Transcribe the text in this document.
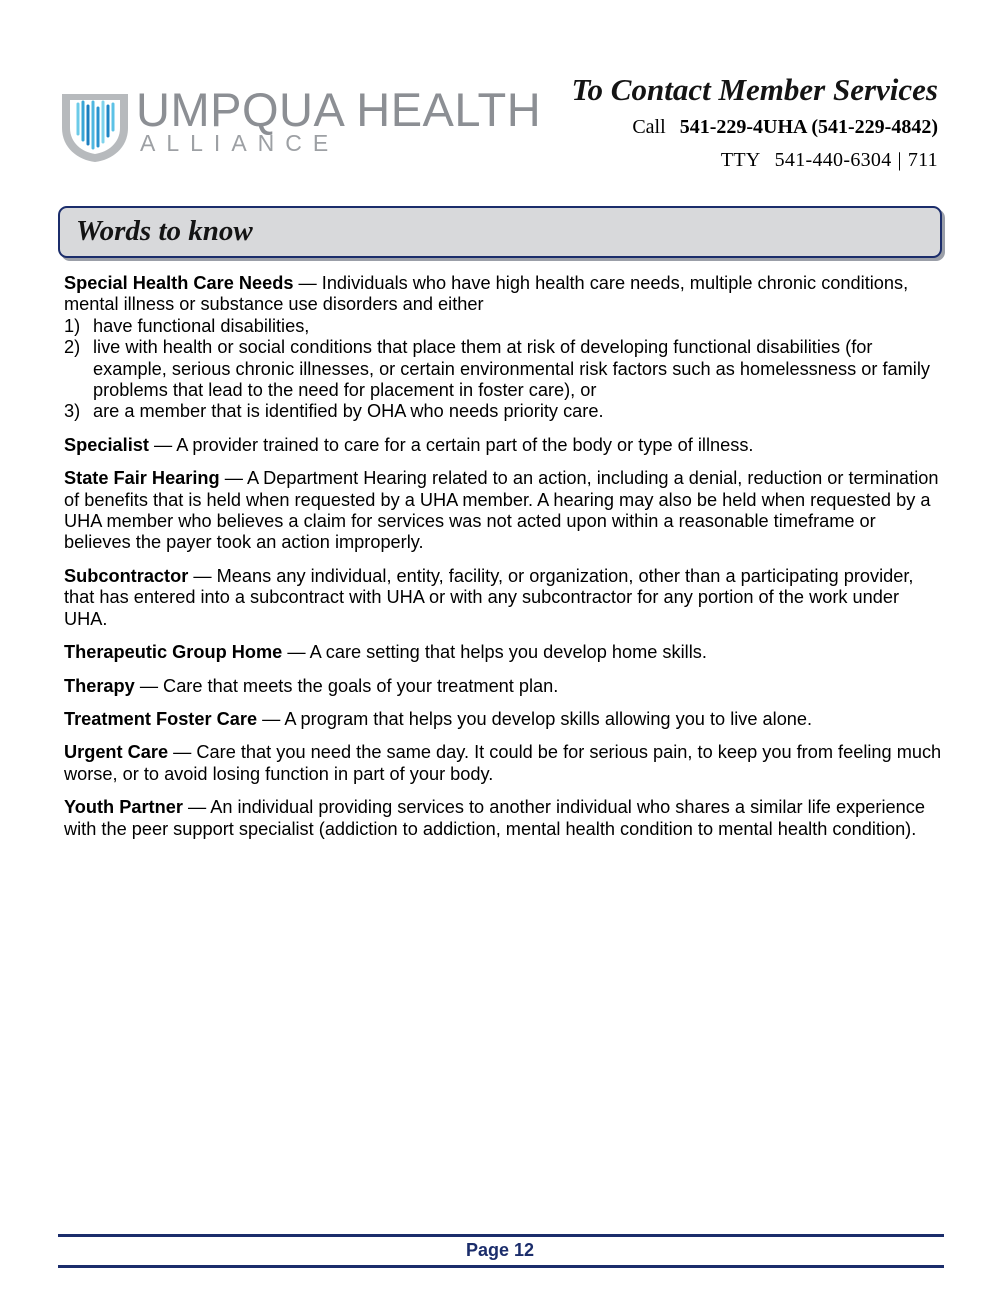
UMPQUA HEALTH
ALLIANCE
To Contact Member Services
Call 541-229-4UHA (541-229-4842)
TTY 541-440-6304 | 711
Words to know

Special Health Care Needs — Individuals who have high health care needs, multiple chronic conditions, mental illness or substance use disorders and either

1) have functional disabilities,
2) live with health or social conditions that place them at risk of developing functional disabilities (for example, serious chronic illnesses, or certain environmental risk factors such as homelessness or family problems that lead to the need for placement in foster care), or
3) are a member that is identified by OHA who needs priority care.

Specialist — A provider trained to care for a certain part of the body or type of illness.

State Fair Hearing — A Department Hearing related to an action, including a denial, reduction or termination of benefits that is held when requested by a UHA member. A hearing may also be held when requested by a UHA member who believes a claim for services was not acted upon within a reasonable timeframe or believes the payer took an action improperly.

Subcontractor — Means any individual, entity, facility, or organization, other than a participating provider, that has entered into a subcontract with UHA or with any subcontractor for any portion of the work under UHA.

Therapeutic Group Home — A care setting that helps you develop home skills.

Therapy — Care that meets the goals of your treatment plan.

Treatment Foster Care — A program that helps you develop skills allowing you to live alone.

Urgent Care — Care that you need the same day. It could be for serious pain, to keep you from feeling much worse, or to avoid losing function in part of your body.

Youth Partner — An individual providing services to another individual who shares a similar life experience with the peer support specialist (addiction to addiction, mental health condition to mental health condition).

Page 12
